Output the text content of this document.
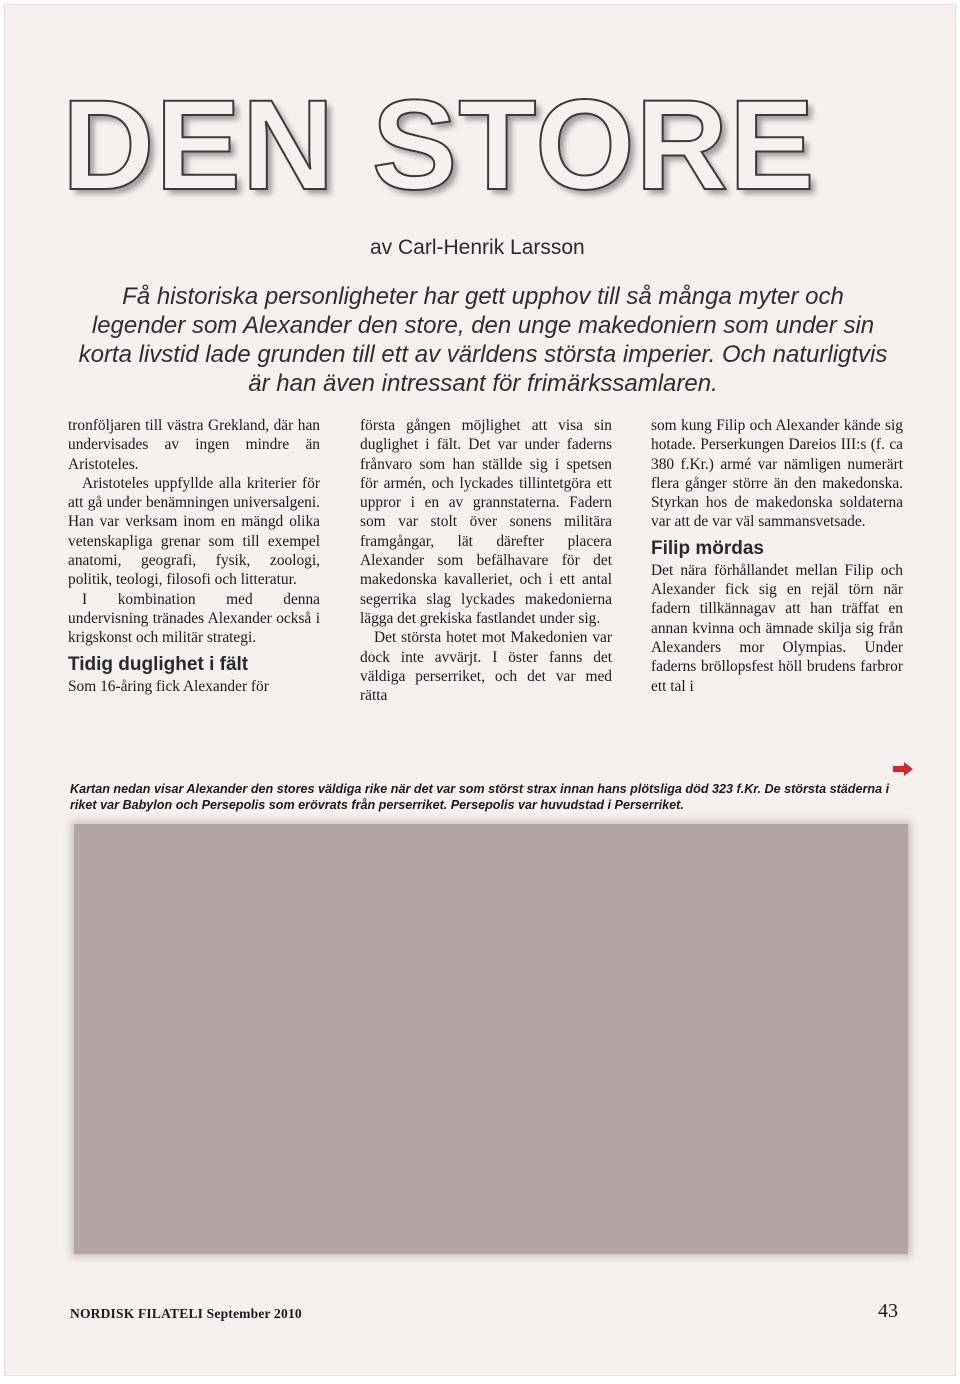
DEN STORE
av Carl-Henrik Larsson

Få historiska personligheter har gett upphov till så många myter och legender som Alexander den store, den unge makedoniern som under sin korta livstid lade grunden till ett av världens största imperier. Och naturligtvis är han även intressant för frimärkssamlaren.

tronföljaren till västra Grekland, där han undervisades av ingen mindre än Aristoteles.

Aristoteles uppfyllde alla kriterier för att gå under benämningen universalgeni. Han var verksam inom en mängd olika vetenskapliga grenar som till exempel anatomi, geografi, fysik, zoologi, politik, teologi, filosofi och litteratur.

I kombination med denna undervisning tränades Alexander också i krigskonst och militär strategi.

Tidig duglighet i fält

Som 16-åring fick Alexander för

första gången möjlighet att visa sin duglighet i fält. Det var under faderns frånvaro som han ställde sig i spetsen för armén, och lyckades tillintetgöra ett uppror i en av grannstaterna. Fadern som var stolt över sonens militära framgångar, lät därefter placera Alexander som befälhavare för det makedonska kavalleriet, och i ett antal segerrika slag lyckades makedonierna lägga det grekiska fastlandet under sig.

Det största hotet mot Makedonien var dock inte avvärjt. I öster fanns det väldiga perserriket, och det var med rätta

som kung Filip och Alexander kände sig hotade. Perserkungen Dareios III:s (f. ca 380 f.Kr.) armé var nämligen numerärt flera gånger större än den makedonska. Styrkan hos de makedonska soldaterna var att de var väl sammansvetsade.

Filip mördas

Det nära förhållandet mellan Filip och Alexander fick sig en rejäl törn när fadern tillkännagav att han träffat en annan kvinna och ämnade skilja sig från Alexanders mor Olympias. Under faderns bröllopsfest höll brudens farbror ett tal i

Kartan nedan visar Alexander den stores väldiga rike när det var som störst strax innan hans plötsliga död 323 f.Kr. De största städerna i riket var Babylon och Persepolis som erövrats från perserriket. Persepolis var huvudstad i Perserriket.

NORDISK FILATELI September 2010	43
